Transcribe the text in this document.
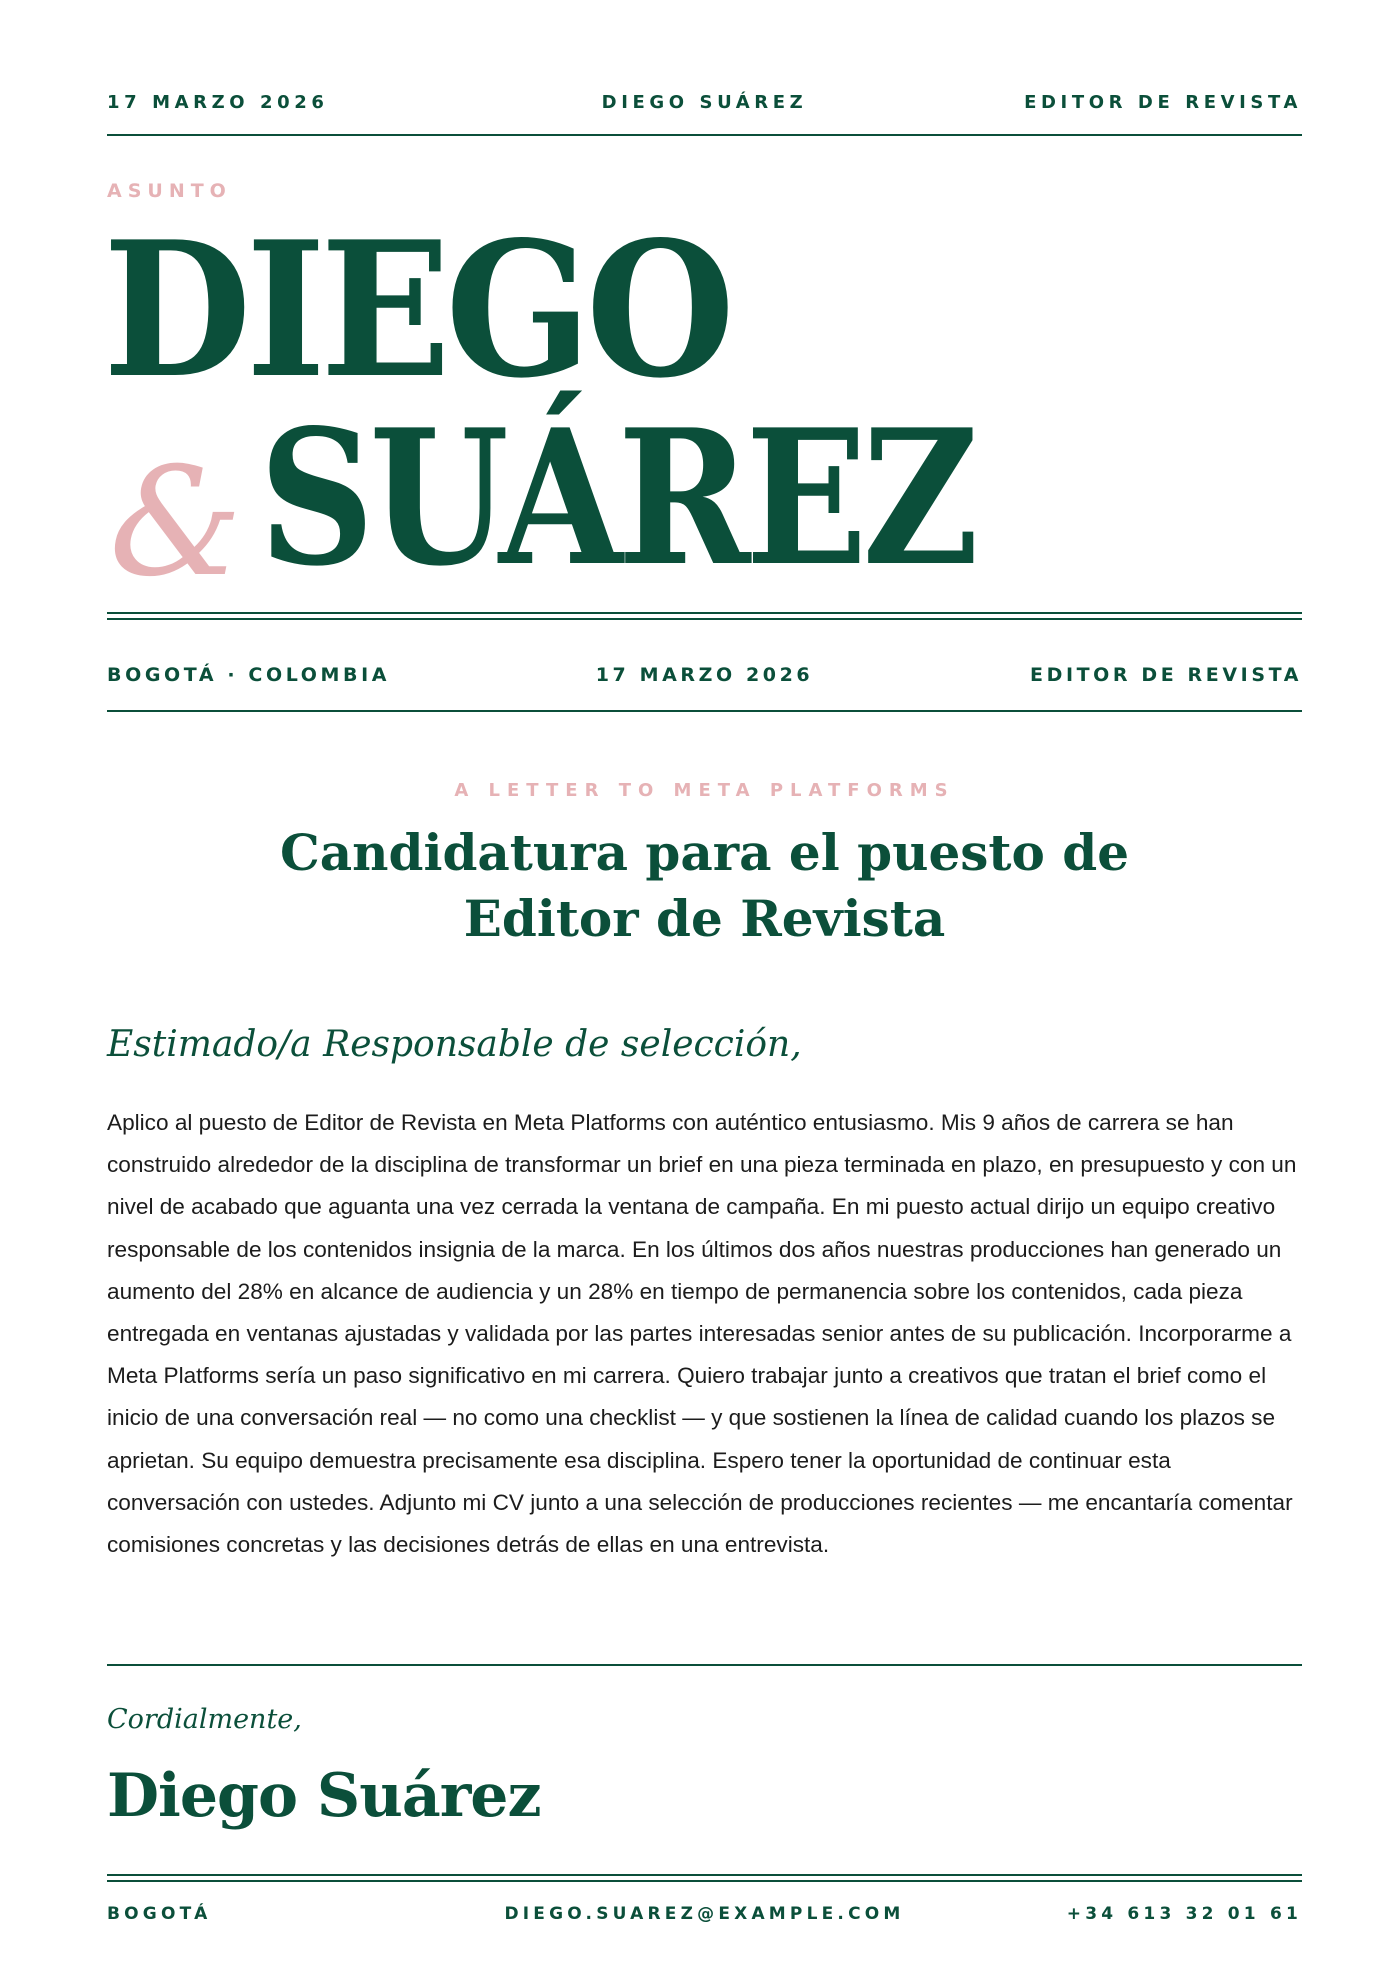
17 MARZO 2026	DIEGO SUÁREZ	EDITOR DE REVISTA
ASUNTO
DIEGO
& SUÁREZ
BOGOTÁ · COLOMBIA	17 MARZO 2026	EDITOR DE REVISTA
A LETTER TO META PLATFORMS
Candidatura para el puesto de Editor de Revista
Estimado/a Responsable de selección,

Aplico al puesto de Editor de Revista en Meta Platforms con auténtico entusiasmo. Mis 9 años de carrera se han construido alrededor de la disciplina de transformar un brief en una pieza terminada en plazo, en presupuesto y con un nivel de acabado que aguanta una vez cerrada la ventana de campaña. En mi puesto actual dirijo un equipo creativo responsable de los contenidos insignia de la marca. En los últimos dos años nuestras producciones han generado un aumento del 28% en alcance de audiencia y un 28% en tiempo de permanencia sobre los contenidos, cada pieza entregada en ventanas ajustadas y validada por las partes interesadas senior antes de su publicación. Incorporarme a Meta Platforms sería un paso significativo en mi carrera. Quiero trabajar junto a creativos que tratan el brief como el inicio de una conversación real — no como una checklist — y que sostienen la línea de calidad cuando los plazos se aprietan. Su equipo demuestra precisamente esa disciplina. Espero tener la oportunidad de continuar esta conversación con ustedes. Adjunto mi CV junto a una selección de producciones recientes — me encantaría comentar comisiones concretas y las decisiones detrás de ellas en una entrevista.

Cordialmente,
Diego Suárez
BOGOTÁ	DIEGO.SUAREZ@EXAMPLE.COM	+34 613 32 01 61
